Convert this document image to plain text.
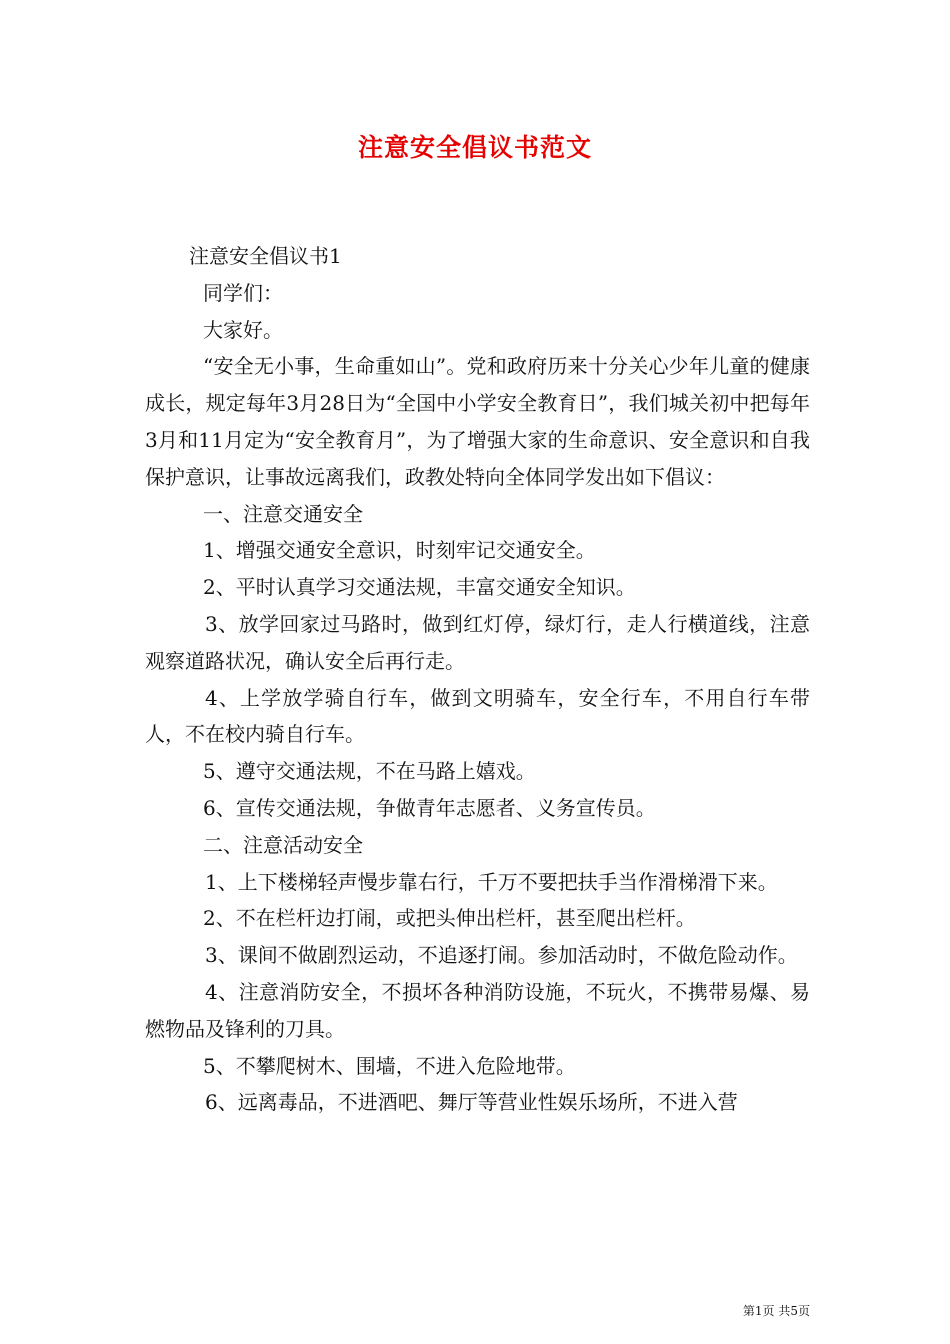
注意安全倡议书范文

注意安全倡议书1

同学们：

大家好。

“安全无小事，生命重如山”。党和政府历来十分关心少年儿童的健康成长，规定每年3月28日为“全国中小学安全教育日”，我们城关初中把每年3月和11月定为“安全教育月”，为了增强大家的生命意识、安全意识和自我保护意识，让事故远离我们，政教处特向全体同学发出如下倡议：

一、注意交通安全

1、增强交通安全意识，时刻牢记交通安全。

2、平时认真学习交通法规，丰富交通安全知识。

3、放学回家过马路时，做到红灯停，绿灯行，走人行横道线，注意观察道路状况，确认安全后再行走。

4、上学放学骑自行车，做到文明骑车，安全行车，不用自行车带人，不在校内骑自行车。

5、遵守交通法规，不在马路上嬉戏。

6、宣传交通法规，争做青年志愿者、义务宣传员。

二、注意活动安全

1、上下楼梯轻声慢步靠右行，千万不要把扶手当作滑梯滑下来。

2、不在栏杆边打闹，或把头伸出栏杆，甚至爬出栏杆。

3、课间不做剧烈运动，不追逐打闹。参加活动时，不做危险动作。

4、注意消防安全，不损坏各种消防设施，不玩火，不携带易爆、易燃物品及锋利的刀具。

5、不攀爬树木、围墙，不进入危险地带。

6、远离毒品，不进酒吧、舞厅等营业性娱乐场所，不进入营

第1页 共5页
